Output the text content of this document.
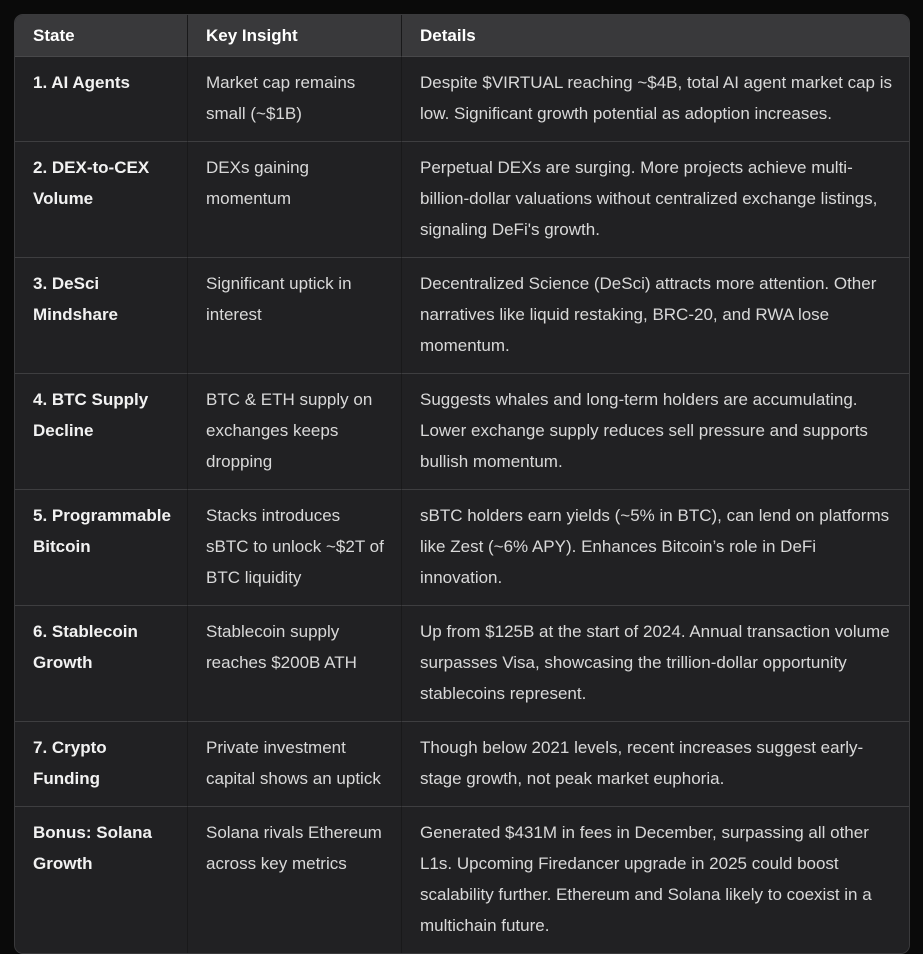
State	Key Insight	Details
1. AI Agents	Market cap remains small (~$1B)	Despite $VIRTUAL reaching ~$4B, total AI agent market cap is low. Significant growth potential as adoption increases.
2. DEX-to-CEX Volume	DEXs gaining momentum	Perpetual DEXs are surging. More projects achieve multi-billion-dollar valuations without centralized exchange listings, signaling DeFi's growth.
3. DeSci Mindshare	Significant uptick in interest	Decentralized Science (DeSci) attracts more attention. Other narratives like liquid restaking, BRC-20, and RWA lose momentum.
4. BTC Supply Decline	BTC & ETH supply on exchanges keeps dropping	Suggests whales and long-term holders are accumulating. Lower exchange supply reduces sell pressure and supports bullish momentum.
5. Programmable Bitcoin	Stacks introduces sBTC to unlock ~$2T of BTC liquidity	sBTC holders earn yields (~5% in BTC), can lend on platforms like Zest (~6% APY). Enhances Bitcoin’s role in DeFi innovation.
6. Stablecoin Growth	Stablecoin supply reaches $200B ATH	Up from $125B at the start of 2024. Annual transaction volume surpasses Visa, showcasing the trillion-dollar opportunity stablecoins represent.
7. Crypto Funding	Private investment capital shows an uptick	Though below 2021 levels, recent increases suggest early-stage growth, not peak market euphoria.
Bonus: Solana Growth	Solana rivals Ethereum across key metrics	Generated $431M in fees in December, surpassing all other L1s. Upcoming Firedancer upgrade in 2025 could boost scalability further. Ethereum and Solana likely to coexist in a multichain future.
